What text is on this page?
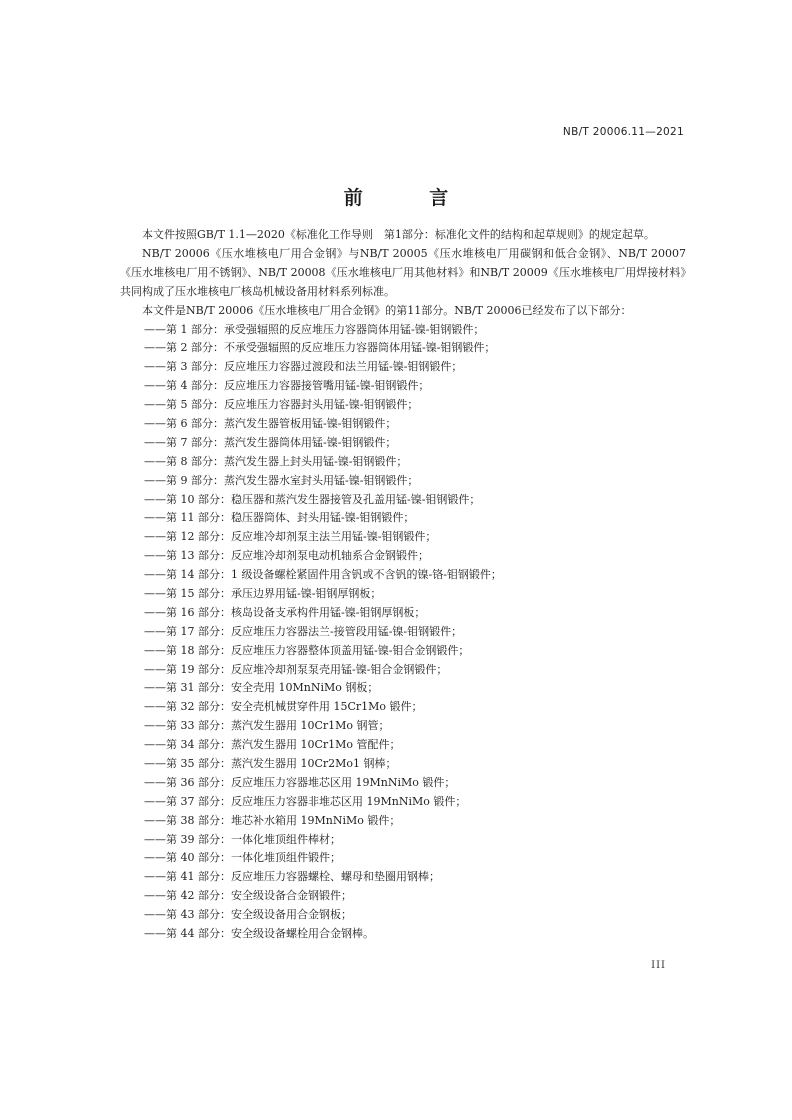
NB/T 20006.11—2021
前 言

本文件按照GB/T 1.1—2020《标准化工作导则　第1部分：标准化文件的结构和起草规则》的规定起草。

NB/T 20006《压水堆核电厂用合金钢》与NB/T 20005《压水堆核电厂用碳钢和低合金钢》、NB/T 20007《压水堆核电厂用不锈钢》、NB/T 20008《压水堆核电厂用其他材料》和NB/T 20009《压水堆核电厂用焊接材料》共同构成了压水堆核电厂核岛机械设备用材料系列标准。

本文件是NB/T 20006《压水堆核电厂用合金钢》的第11部分。NB/T 20006已经发布了以下部分：

——第 1 部分：承受强辐照的反应堆压力容器筒体用锰-镍-钼钢锻件；
——第 2 部分：不承受强辐照的反应堆压力容器筒体用锰-镍-钼钢锻件；
——第 3 部分：反应堆压力容器过渡段和法兰用锰-镍-钼钢锻件；
——第 4 部分：反应堆压力容器接管嘴用锰-镍-钼钢锻件；
——第 5 部分：反应堆压力容器封头用锰-镍-钼钢锻件；
——第 6 部分：蒸汽发生器管板用锰-镍-钼钢锻件；
——第 7 部分：蒸汽发生器筒体用锰-镍-钼钢锻件；
——第 8 部分：蒸汽发生器上封头用锰-镍-钼钢锻件；
——第 9 部分：蒸汽发生器水室封头用锰-镍-钼钢锻件；
——第 10 部分：稳压器和蒸汽发生器接管及孔盖用锰-镍-钼钢锻件；
——第 11 部分：稳压器筒体、封头用锰-镍-钼钢锻件；
——第 12 部分：反应堆冷却剂泵主法兰用锰-镍-钼钢锻件；
——第 13 部分：反应堆冷却剂泵电动机轴系合金钢锻件；
——第 14 部分：1 级设备螺栓紧固件用含钒或不含钒的镍-铬-钼钢锻件；
——第 15 部分：承压边界用锰-镍-钼钢厚钢板；
——第 16 部分：核岛设备支承构件用锰-镍-钼钢厚钢板；
——第 17 部分：反应堆压力容器法兰-接管段用锰-镍-钼钢锻件；
——第 18 部分：反应堆压力容器整体顶盖用锰-镍-钼合金钢锻件；
——第 19 部分：反应堆冷却剂泵泵壳用锰-镍-钼合金钢锻件；
——第 31 部分：安全壳用 10MnNiMo 钢板；
——第 32 部分：安全壳机械贯穿件用 15Cr1Mo 锻件；
——第 33 部分：蒸汽发生器用 10Cr1Mo 钢管；
——第 34 部分：蒸汽发生器用 10Cr1Mo 管配件；
——第 35 部分：蒸汽发生器用 10Cr2Mo1 钢棒；
——第 36 部分：反应堆压力容器堆芯区用 19MnNiMo 锻件；
——第 37 部分：反应堆压力容器非堆芯区用 19MnNiMo 锻件；
——第 38 部分：堆芯补水箱用 19MnNiMo 锻件；
——第 39 部分：一体化堆顶组件棒材；
——第 40 部分：一体化堆顶组件锻件；
——第 41 部分：反应堆压力容器螺栓、螺母和垫圈用钢棒；
——第 42 部分：安全级设备合金钢锻件；
——第 43 部分：安全级设备用合金钢板；
——第 44 部分：安全级设备螺栓用合金钢棒。
III
